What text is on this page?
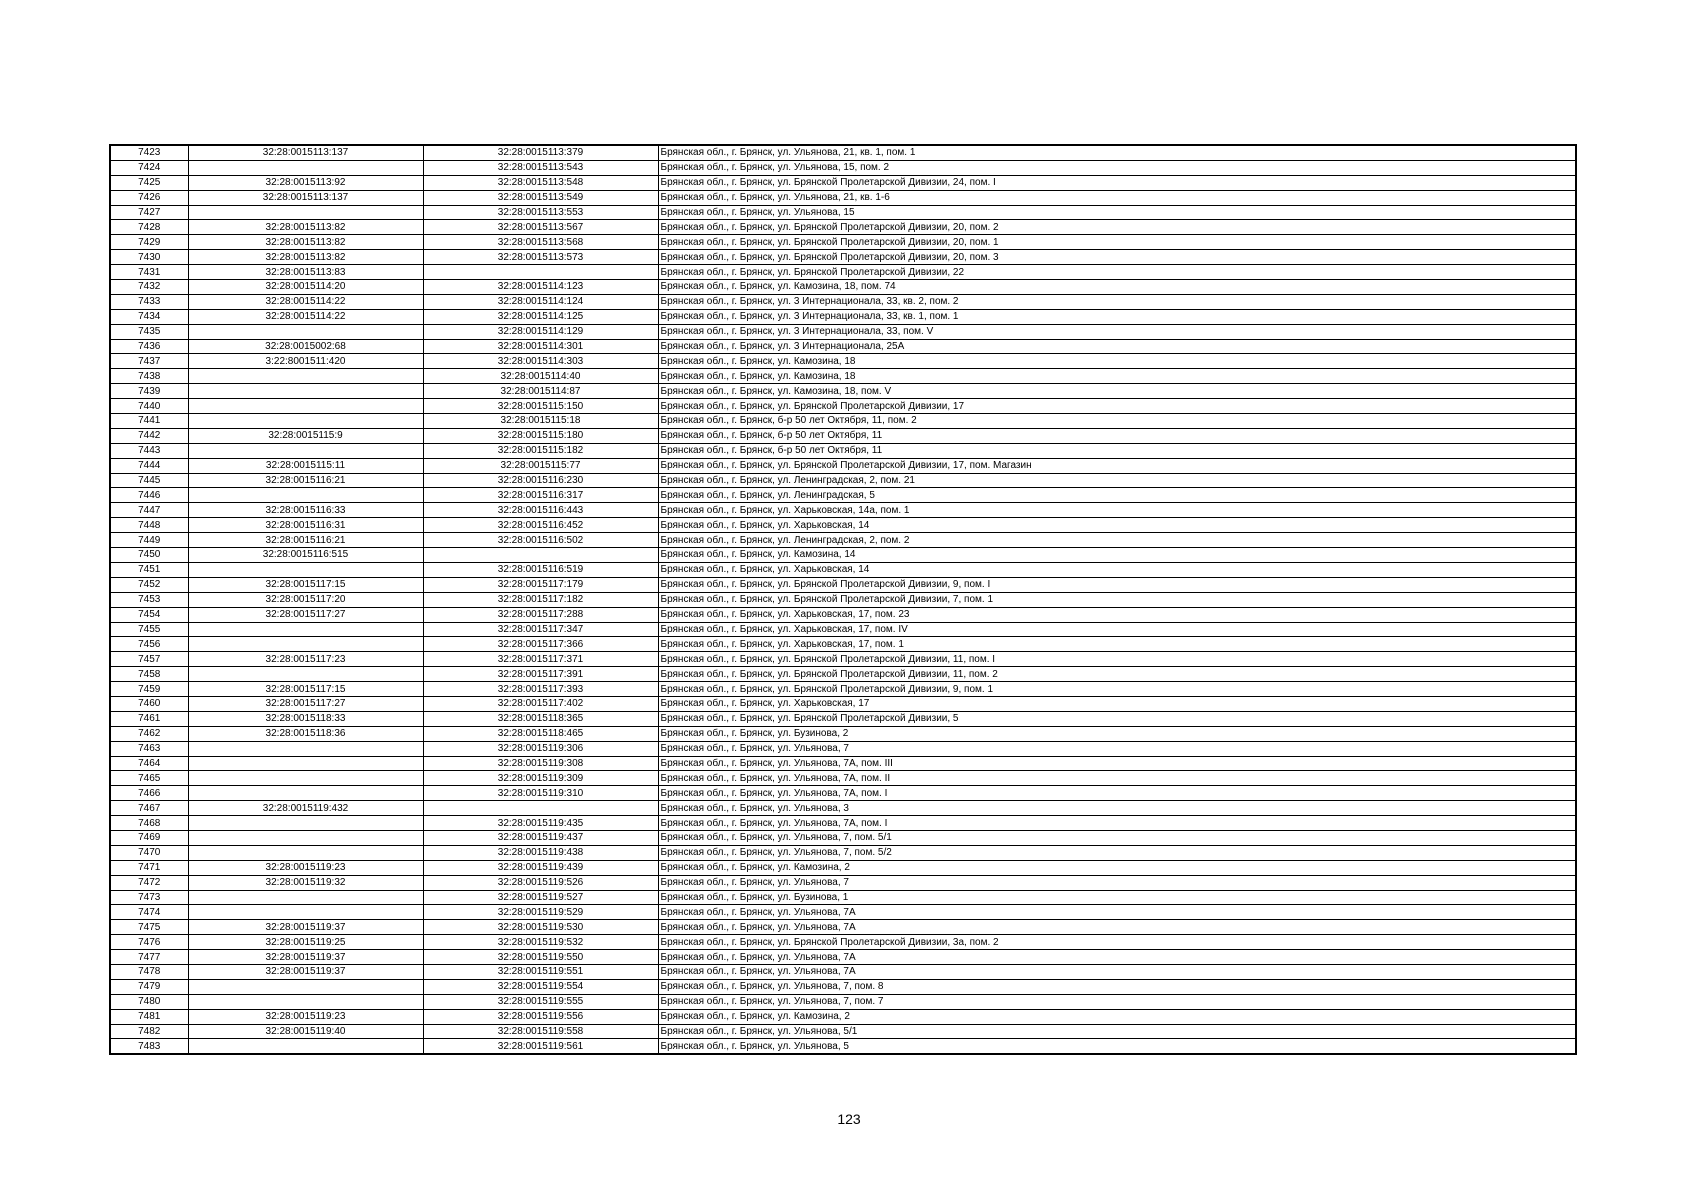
7423	32:28:0015113:137	32:28:0015113:379	Брянская обл., г. Брянск, ул. Ульянова, 21, кв. 1, пом. 1
7424		32:28:0015113:543	Брянская обл., г. Брянск, ул. Ульянова, 15, пом. 2
7425	32:28:0015113:92	32:28:0015113:548	Брянская обл., г. Брянск, ул. Брянской Пролетарской Дивизии, 24, пом. I
7426	32:28:0015113:137	32:28:0015113:549	Брянская обл., г. Брянск, ул. Ульянова, 21, кв. 1-6
7427		32:28:0015113:553	Брянская обл., г. Брянск, ул. Ульянова, 15
7428	32:28:0015113:82	32:28:0015113:567	Брянская обл., г. Брянск, ул. Брянской Пролетарской Дивизии, 20, пом. 2
7429	32:28:0015113:82	32:28:0015113:568	Брянская обл., г. Брянск, ул. Брянской Пролетарской Дивизии, 20, пом. 1
7430	32:28:0015113:82	32:28:0015113:573	Брянская обл., г. Брянск, ул. Брянской Пролетарской Дивизии, 20, пом. 3
7431	32:28:0015113:83		Брянская обл., г. Брянск, ул. Брянской Пролетарской Дивизии, 22
7432	32:28:0015114:20	32:28:0015114:123	Брянская обл., г. Брянск, ул. Камозина, 18, пом. 74
7433	32:28:0015114:22	32:28:0015114:124	Брянская обл., г. Брянск, ул. 3 Интернационала, 33, кв. 2, пом. 2
7434	32:28:0015114:22	32:28:0015114:125	Брянская обл., г. Брянск, ул. 3 Интернационала, 33, кв. 1, пом. 1
7435		32:28:0015114:129	Брянская обл., г. Брянск, ул. 3 Интернационала, 33, пом. V
7436	32:28:0015002:68	32:28:0015114:301	Брянская обл., г. Брянск, ул. 3 Интернационала, 25А
7437	3:22:8001511:420	32:28:0015114:303	Брянская обл., г. Брянск, ул. Камозина, 18
7438		32:28:0015114:40	Брянская обл., г. Брянск, ул. Камозина, 18
7439		32:28:0015114:87	Брянская обл., г. Брянск, ул. Камозина, 18, пом. V
7440		32:28:0015115:150	Брянская обл., г. Брянск, ул. Брянской Пролетарской Дивизии, 17
7441		32:28:0015115:18	Брянская обл., г. Брянск, б-р 50 лет Октября, 11, пом. 2
7442	32:28:0015115:9	32:28:0015115:180	Брянская обл., г. Брянск, б-р 50 лет Октября, 11
7443		32:28:0015115:182	Брянская обл., г. Брянск, б-р 50 лет Октября, 11
7444	32:28:0015115:11	32:28:0015115:77	Брянская обл., г. Брянск, ул. Брянской Пролетарской Дивизии, 17, пом. Магазин
7445	32:28:0015116:21	32:28:0015116:230	Брянская обл., г. Брянск, ул. Ленинградская, 2, пом. 21
7446		32:28:0015116:317	Брянская обл., г. Брянск, ул. Ленинградская, 5
7447	32:28:0015116:33	32:28:0015116:443	Брянская обл., г. Брянск, ул. Харьковская, 14а, пом. 1
7448	32:28:0015116:31	32:28:0015116:452	Брянская обл., г. Брянск, ул. Харьковская, 14
7449	32:28:0015116:21	32:28:0015116:502	Брянская обл., г. Брянск, ул. Ленинградская, 2, пом. 2
7450	32:28:0015116:515		Брянская обл., г. Брянск, ул. Камозина, 14
7451		32:28:0015116:519	Брянская обл., г. Брянск, ул. Харьковская, 14
7452	32:28:0015117:15	32:28:0015117:179	Брянская обл., г. Брянск, ул. Брянской Пролетарской Дивизии, 9, пом. I
7453	32:28:0015117:20	32:28:0015117:182	Брянская обл., г. Брянск, ул. Брянской Пролетарской Дивизии, 7, пом. 1
7454	32:28:0015117:27	32:28:0015117:288	Брянская обл., г. Брянск, ул. Харьковская, 17, пом. 23
7455		32:28:0015117:347	Брянская обл., г. Брянск, ул. Харьковская, 17, пом. IV
7456		32:28:0015117:366	Брянская обл., г. Брянск, ул. Харьковская, 17, пом. 1
7457	32:28:0015117:23	32:28:0015117:371	Брянская обл., г. Брянск, ул. Брянской Пролетарской Дивизии, 11, пом. I
7458		32:28:0015117:391	Брянская обл., г. Брянск, ул. Брянской Пролетарской Дивизии, 11, пом. 2
7459	32:28:0015117:15	32:28:0015117:393	Брянская обл., г. Брянск, ул. Брянской Пролетарской Дивизии, 9, пом. 1
7460	32:28:0015117:27	32:28:0015117:402	Брянская обл., г. Брянск, ул. Харьковская, 17
7461	32:28:0015118:33	32:28:0015118:365	Брянская обл., г. Брянск, ул. Брянской Пролетарской Дивизии, 5
7462	32:28:0015118:36	32:28:0015118:465	Брянская обл., г. Брянск, ул. Бузинова, 2
7463		32:28:0015119:306	Брянская обл., г. Брянск, ул. Ульянова, 7
7464		32:28:0015119:308	Брянская обл., г. Брянск, ул. Ульянова, 7А, пом. III
7465		32:28:0015119:309	Брянская обл., г. Брянск, ул. Ульянова, 7А, пом. II
7466		32:28:0015119:310	Брянская обл., г. Брянск, ул. Ульянова, 7А, пом. I
7467	32:28:0015119:432		Брянская обл., г. Брянск, ул. Ульянова, 3
7468		32:28:0015119:435	Брянская обл., г. Брянск, ул. Ульянова, 7А, пом. I
7469		32:28:0015119:437	Брянская обл., г. Брянск, ул. Ульянова, 7, пом. 5/1
7470		32:28:0015119:438	Брянская обл., г. Брянск, ул. Ульянова, 7, пом. 5/2
7471	32:28:0015119:23	32:28:0015119:439	Брянская обл., г. Брянск, ул. Камозина, 2
7472	32:28:0015119:32	32:28:0015119:526	Брянская обл., г. Брянск, ул. Ульянова, 7
7473		32:28:0015119:527	Брянская обл., г. Брянск, ул. Бузинова, 1
7474		32:28:0015119:529	Брянская обл., г. Брянск, ул. Ульянова, 7А
7475	32:28:0015119:37	32:28:0015119:530	Брянская обл., г. Брянск, ул. Ульянова, 7А
7476	32:28:0015119:25	32:28:0015119:532	Брянская обл., г. Брянск, ул. Брянской Пролетарской Дивизии, 3а, пом. 2
7477	32:28:0015119:37	32:28:0015119:550	Брянская обл., г. Брянск, ул. Ульянова, 7А
7478	32:28:0015119:37	32:28:0015119:551	Брянская обл., г. Брянск, ул. Ульянова, 7А
7479		32:28:0015119:554	Брянская обл., г. Брянск, ул. Ульянова, 7, пом. 8
7480		32:28:0015119:555	Брянская обл., г. Брянск, ул. Ульянова, 7, пом. 7
7481	32:28:0015119:23	32:28:0015119:556	Брянская обл., г. Брянск, ул. Камозина, 2
7482	32:28:0015119:40	32:28:0015119:558	Брянская обл., г. Брянск, ул. Ульянова, 5/1
7483		32:28:0015119:561	Брянская обл., г. Брянск, ул. Ульянова, 5
123
